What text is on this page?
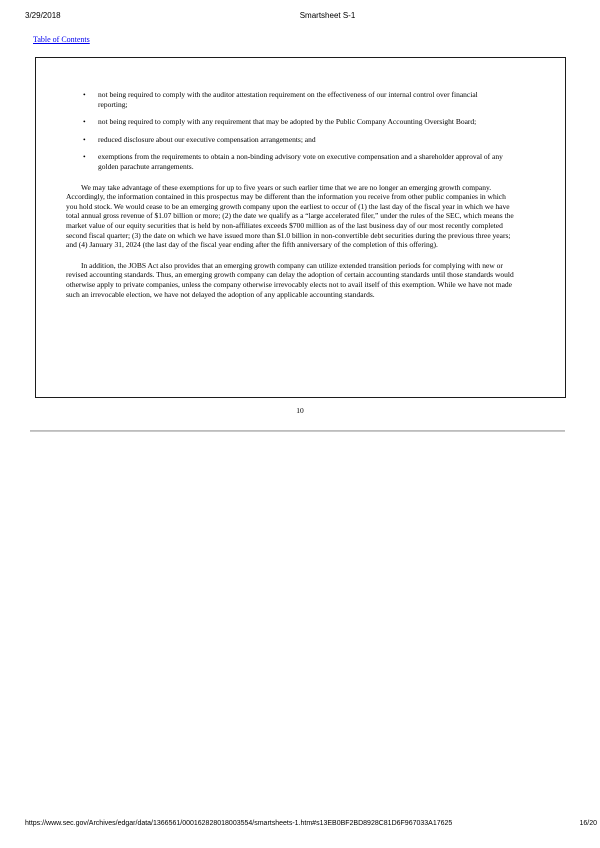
3/29/2018	Smartsheet S-1
Table of Contents
• not being required to comply with the auditor attestation requirement on the effectiveness of our internal control over financial reporting;
• not being required to comply with any requirement that may be adopted by the Public Company Accounting Oversight Board;
• reduced disclosure about our executive compensation arrangements; and
• exemptions from the requirements to obtain a non-binding advisory vote on executive compensation and a shareholder approval of any golden parachute arrangements.

We may take advantage of these exemptions for up to five years or such earlier time that we are no longer an emerging growth company. Accordingly, the information contained in this prospectus may be different than the information you receive from other public companies in which you hold stock. We would cease to be an emerging growth company upon the earliest to occur of (1) the last day of the fiscal year in which we have total annual gross revenue of $1.07 billion or more; (2) the date we qualify as a “large accelerated filer,” under the rules of the SEC, which means the market value of our equity securities that is held by non-affiliates exceeds $700 million as of the last business day of our most recently completed second fiscal quarter; (3) the date on which we have issued more than $1.0 billion in non-convertible debt securities during the previous three years; and (4) January 31, 2024 (the last day of the fiscal year ending after the fifth anniversary of the completion of this offering).

In addition, the JOBS Act also provides that an emerging growth company can utilize extended transition periods for complying with new or revised accounting standards. Thus, an emerging growth company can delay the adoption of certain accounting standards until those standards would otherwise apply to private companies, unless the company otherwise irrevocably elects not to avail itself of this exemption. While we have not made such an irrevocable election, we have not delayed the adoption of any applicable accounting standards.

10
https://www.sec.gov/Archives/edgar/data/1366561/000162828018003554/smartsheets-1.htm#s13EB0BF2BD8928C81D6F967033A17625	16/20
